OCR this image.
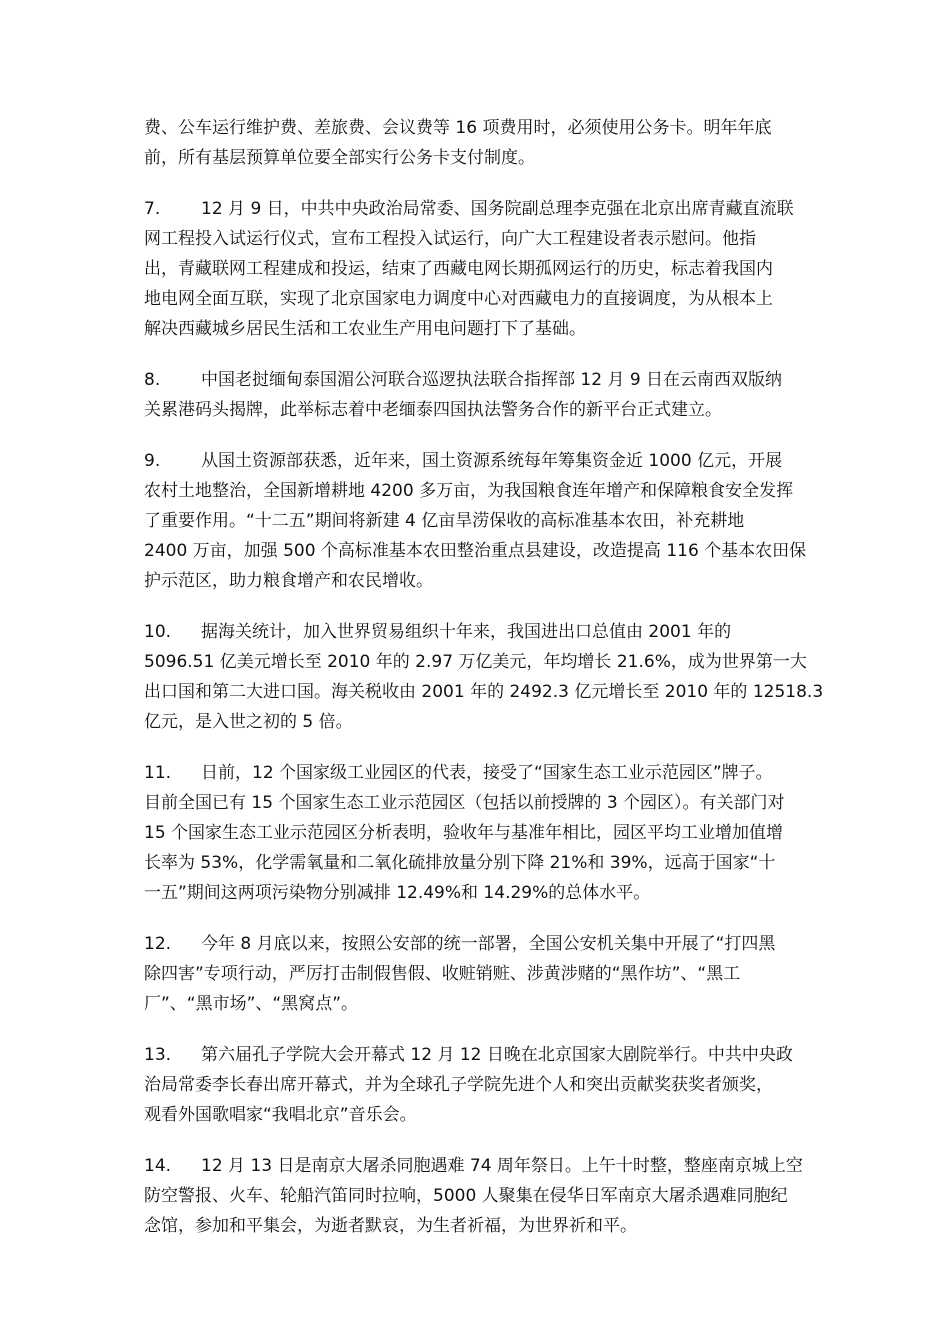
费、公车运行维护费、差旅费、会议费等 16 项费用时，必须使用公务卡。明年年底
前，所有基层预算单位要全部实行公务卡支付制度。
7. 12 月 9 日，中共中央政治局常委、国务院副总理李克强在北京出席青藏直流联
网工程投入试运行仪式，宣布工程投入试运行，向广大工程建设者表示慰问。他指
出，青藏联网工程建成和投运，结束了西藏电网长期孤网运行的历史，标志着我国内
地电网全面互联，实现了北京国家电力调度中心对西藏电力的直接调度，为从根本上
解决西藏城乡居民生活和工农业生产用电问题打下了基础。
8. 中国老挝缅甸泰国湄公河联合巡逻执法联合指挥部 12 月 9 日在云南西双版纳
关累港码头揭牌，此举标志着中老缅泰四国执法警务合作的新平台正式建立。
9. 从国土资源部获悉，近年来，国土资源系统每年筹集资金近 1000 亿元，开展
农村土地整治，全国新增耕地 4200 多万亩，为我国粮食连年增产和保障粮食安全发挥
了重要作用。“十二五”期间将新建 4 亿亩旱涝保收的高标准基本农田，补充耕地
2400 万亩，加强 500 个高标准基本农田整治重点县建设，改造提高 116 个基本农田保
护示范区，助力粮食增产和农民增收。
10. 据海关统计，加入世界贸易组织十年来，我国进出口总值由 2001 年的
5096.51 亿美元增长至 2010 年的 2.97 万亿美元，年均增长 21.6%，成为世界第一大
出口国和第二大进口国。海关税收由 2001 年的 2492.3 亿元增长至 2010 年的 12518.3
亿元，是入世之初的 5 倍。
11. 日前，12 个国家级工业园区的代表，接受了“国家生态工业示范园区”牌子。
目前全国已有 15 个国家生态工业示范园区（包括以前授牌的 3 个园区）。有关部门对
15 个国家生态工业示范园区分析表明，验收年与基准年相比，园区平均工业增加值增
长率为 53%，化学需氧量和二氧化硫排放量分别下降 21%和 39%，远高于国家“十
一五”期间这两项污染物分别减排 12.49%和 14.29%的总体水平。
12. 今年 8 月底以来，按照公安部的统一部署，全国公安机关集中开展了“打四黑
除四害”专项行动，严厉打击制假售假、收赃销赃、涉黄涉赌的“黑作坊”、“黑工
厂”、“黑市场”、“黑窝点”。
13. 第六届孔子学院大会开幕式 12 月 12 日晚在北京国家大剧院举行。中共中央政
治局常委李长春出席开幕式，并为全球孔子学院先进个人和突出贡献奖获奖者颁奖，
观看外国歌唱家“我唱北京”音乐会。
14. 12 月 13 日是南京大屠杀同胞遇难 74 周年祭日。上午十时整，整座南京城上空
防空警报、火车、轮船汽笛同时拉响，5000 人聚集在侵华日军南京大屠杀遇难同胞纪
念馆，参加和平集会，为逝者默哀，为生者祈福，为世界祈和平。
